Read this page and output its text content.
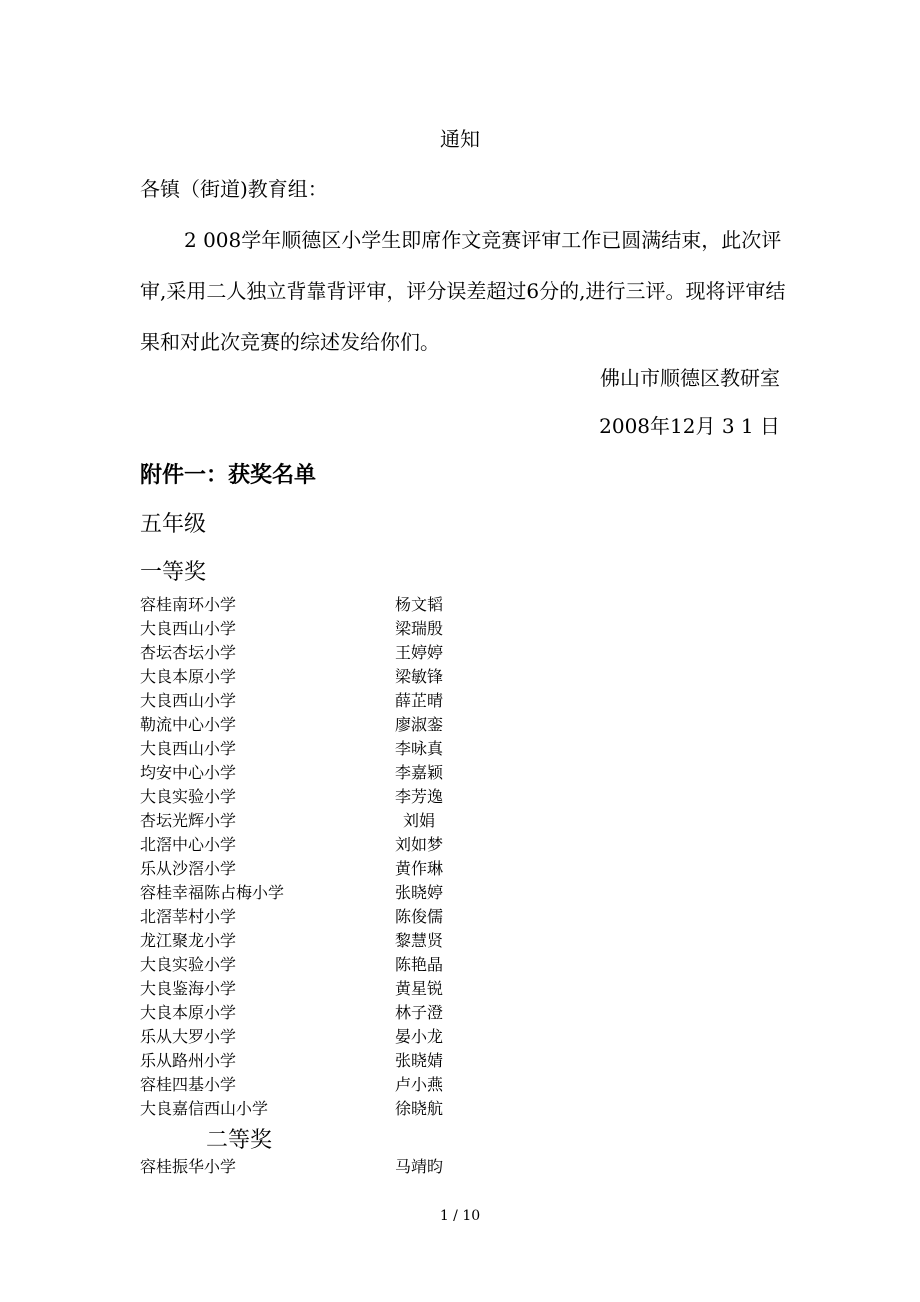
通知
各镇（街道)教育组：
2 008学年顺德区小学生即席作文竞赛评审工作已圆满结束，此次评审,采用二人独立背靠背评审，评分误差超过6分的,进行三评。现将评审结果和对此次竞赛的综述发给你们。
佛山市顺德区教研室
2008年12月 3 1 日
附件一：获奖名单
五年级
一等奖
容桂南环小学	杨文韬
大良西山小学	梁瑞殷
杏坛杏坛小学	王婷婷
大良本原小学	梁敏锋
大良西山小学	薛芷晴
勒流中心小学	廖淑銮
大良西山小学	李咏真
均安中心小学	李嘉颖
大良实验小学	李芳逸
杏坛光辉小学	刘娟
北滘中心小学	刘如梦
乐从沙滘小学	黄作琳
容桂幸福陈占梅小学	张晓婷
北滘莘村小学	陈俊儒
龙江聚龙小学	黎慧贤
大良实验小学	陈艳晶
大良鉴海小学	黄星锐
大良本原小学	林子澄
乐从大罗小学	晏小龙
乐从路州小学	张晓婧
容桂四基小学	卢小燕
大良嘉信西山小学	徐晓航
二等奖
容桂振华小学	马靖昀
1 / 10
